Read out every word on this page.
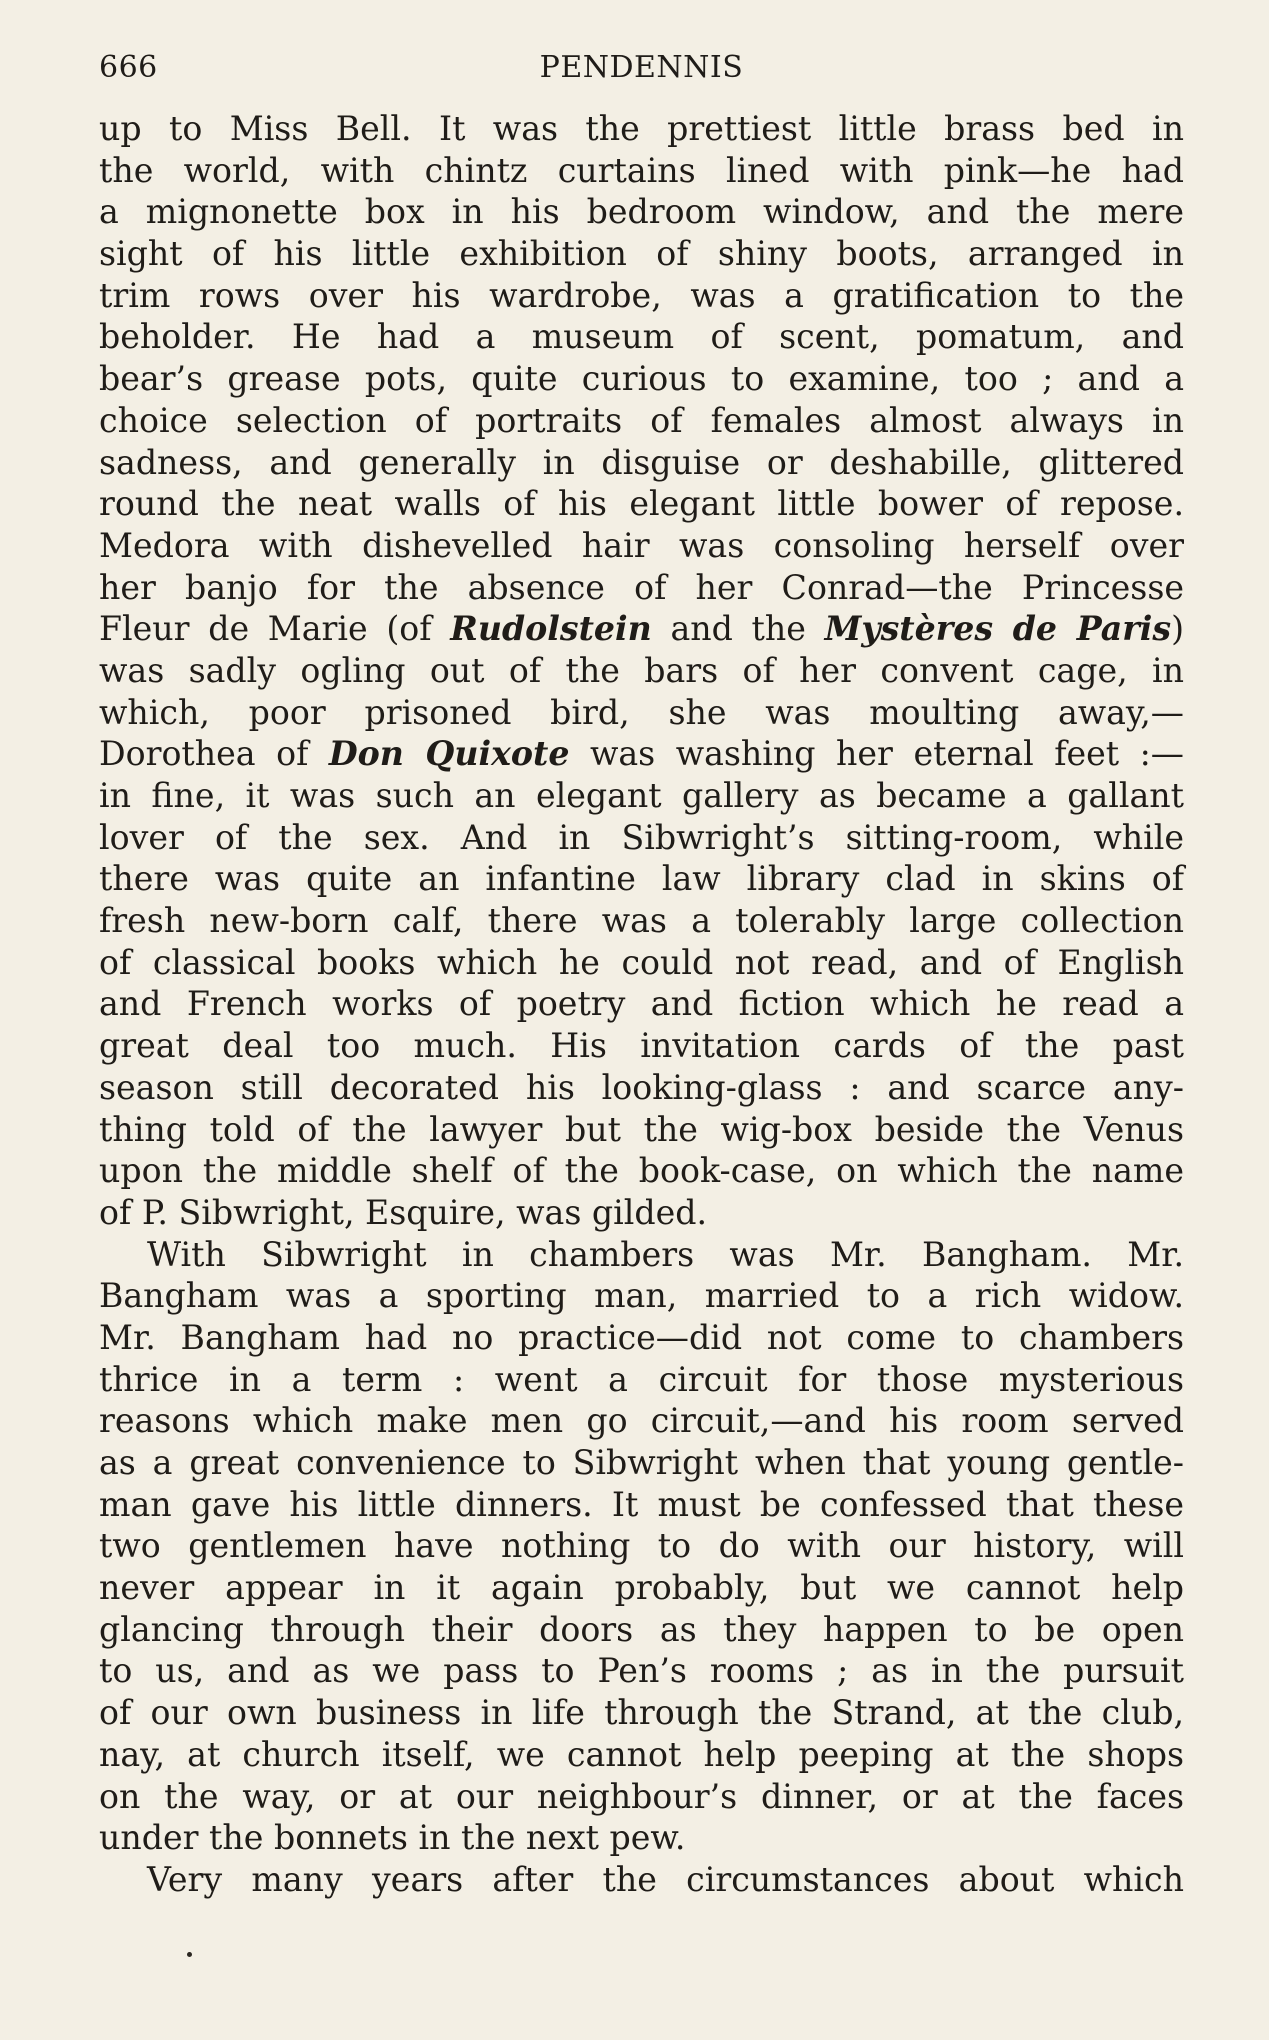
666	PENDENNIS
up to Miss Bell. It was the prettiest little brass bed in
the world, with chintz curtains lined with pink—he had
a mignonette box in his bedroom window, and the mere
sight of his little exhibition of shiny boots, arranged in
trim rows over his wardrobe, was a gratification to the
beholder. He had a museum of scent, pomatum, and
bear’s grease pots, quite curious to examine, too ; and a
choice selection of portraits of females almost always in
sadness, and generally in disguise or deshabille, glittered
round the neat walls of his elegant little bower of repose.
Medora with dishevelled hair was consoling herself over
her banjo for the absence of her Conrad—the Princesse
Fleur de Marie (of Rudolstein and the Mystères de Paris)
was sadly ogling out of the bars of her convent cage, in
which, poor prisoned bird, she was moulting away,—
Dorothea of Don Quixote was washing her eternal feet :—
in fine, it was such an elegant gallery as became a gallant
lover of the sex. And in Sibwright’s sitting-room, while
there was quite an infantine law library clad in skins of
fresh new-born calf, there was a tolerably large collection
of classical books which he could not read, and of English
and French works of poetry and fiction which he read a
great deal too much. His invitation cards of the past
season still decorated his looking-glass : and scarce any-
thing told of the lawyer but the wig-box beside the Venus
upon the middle shelf of the book-case, on which the name
of P. Sibwright, Esquire, was gilded.
With Sibwright in chambers was Mr. Bangham. Mr.
Bangham was a sporting man, married to a rich widow.
Mr. Bangham had no practice—did not come to chambers
thrice in a term : went a circuit for those mysterious
reasons which make men go circuit,—and his room served
as a great convenience to Sibwright when that young gentle-
man gave his little dinners. It must be confessed that these
two gentlemen have nothing to do with our history, will
never appear in it again probably, but we cannot help
glancing through their doors as they happen to be open
to us, and as we pass to Pen’s rooms ; as in the pursuit
of our own business in life through the Strand, at the club,
nay, at church itself, we cannot help peeping at the shops
on the way, or at our neighbour’s dinner, or at the faces
under the bonnets in the next pew.
Very many years after the circumstances about which
